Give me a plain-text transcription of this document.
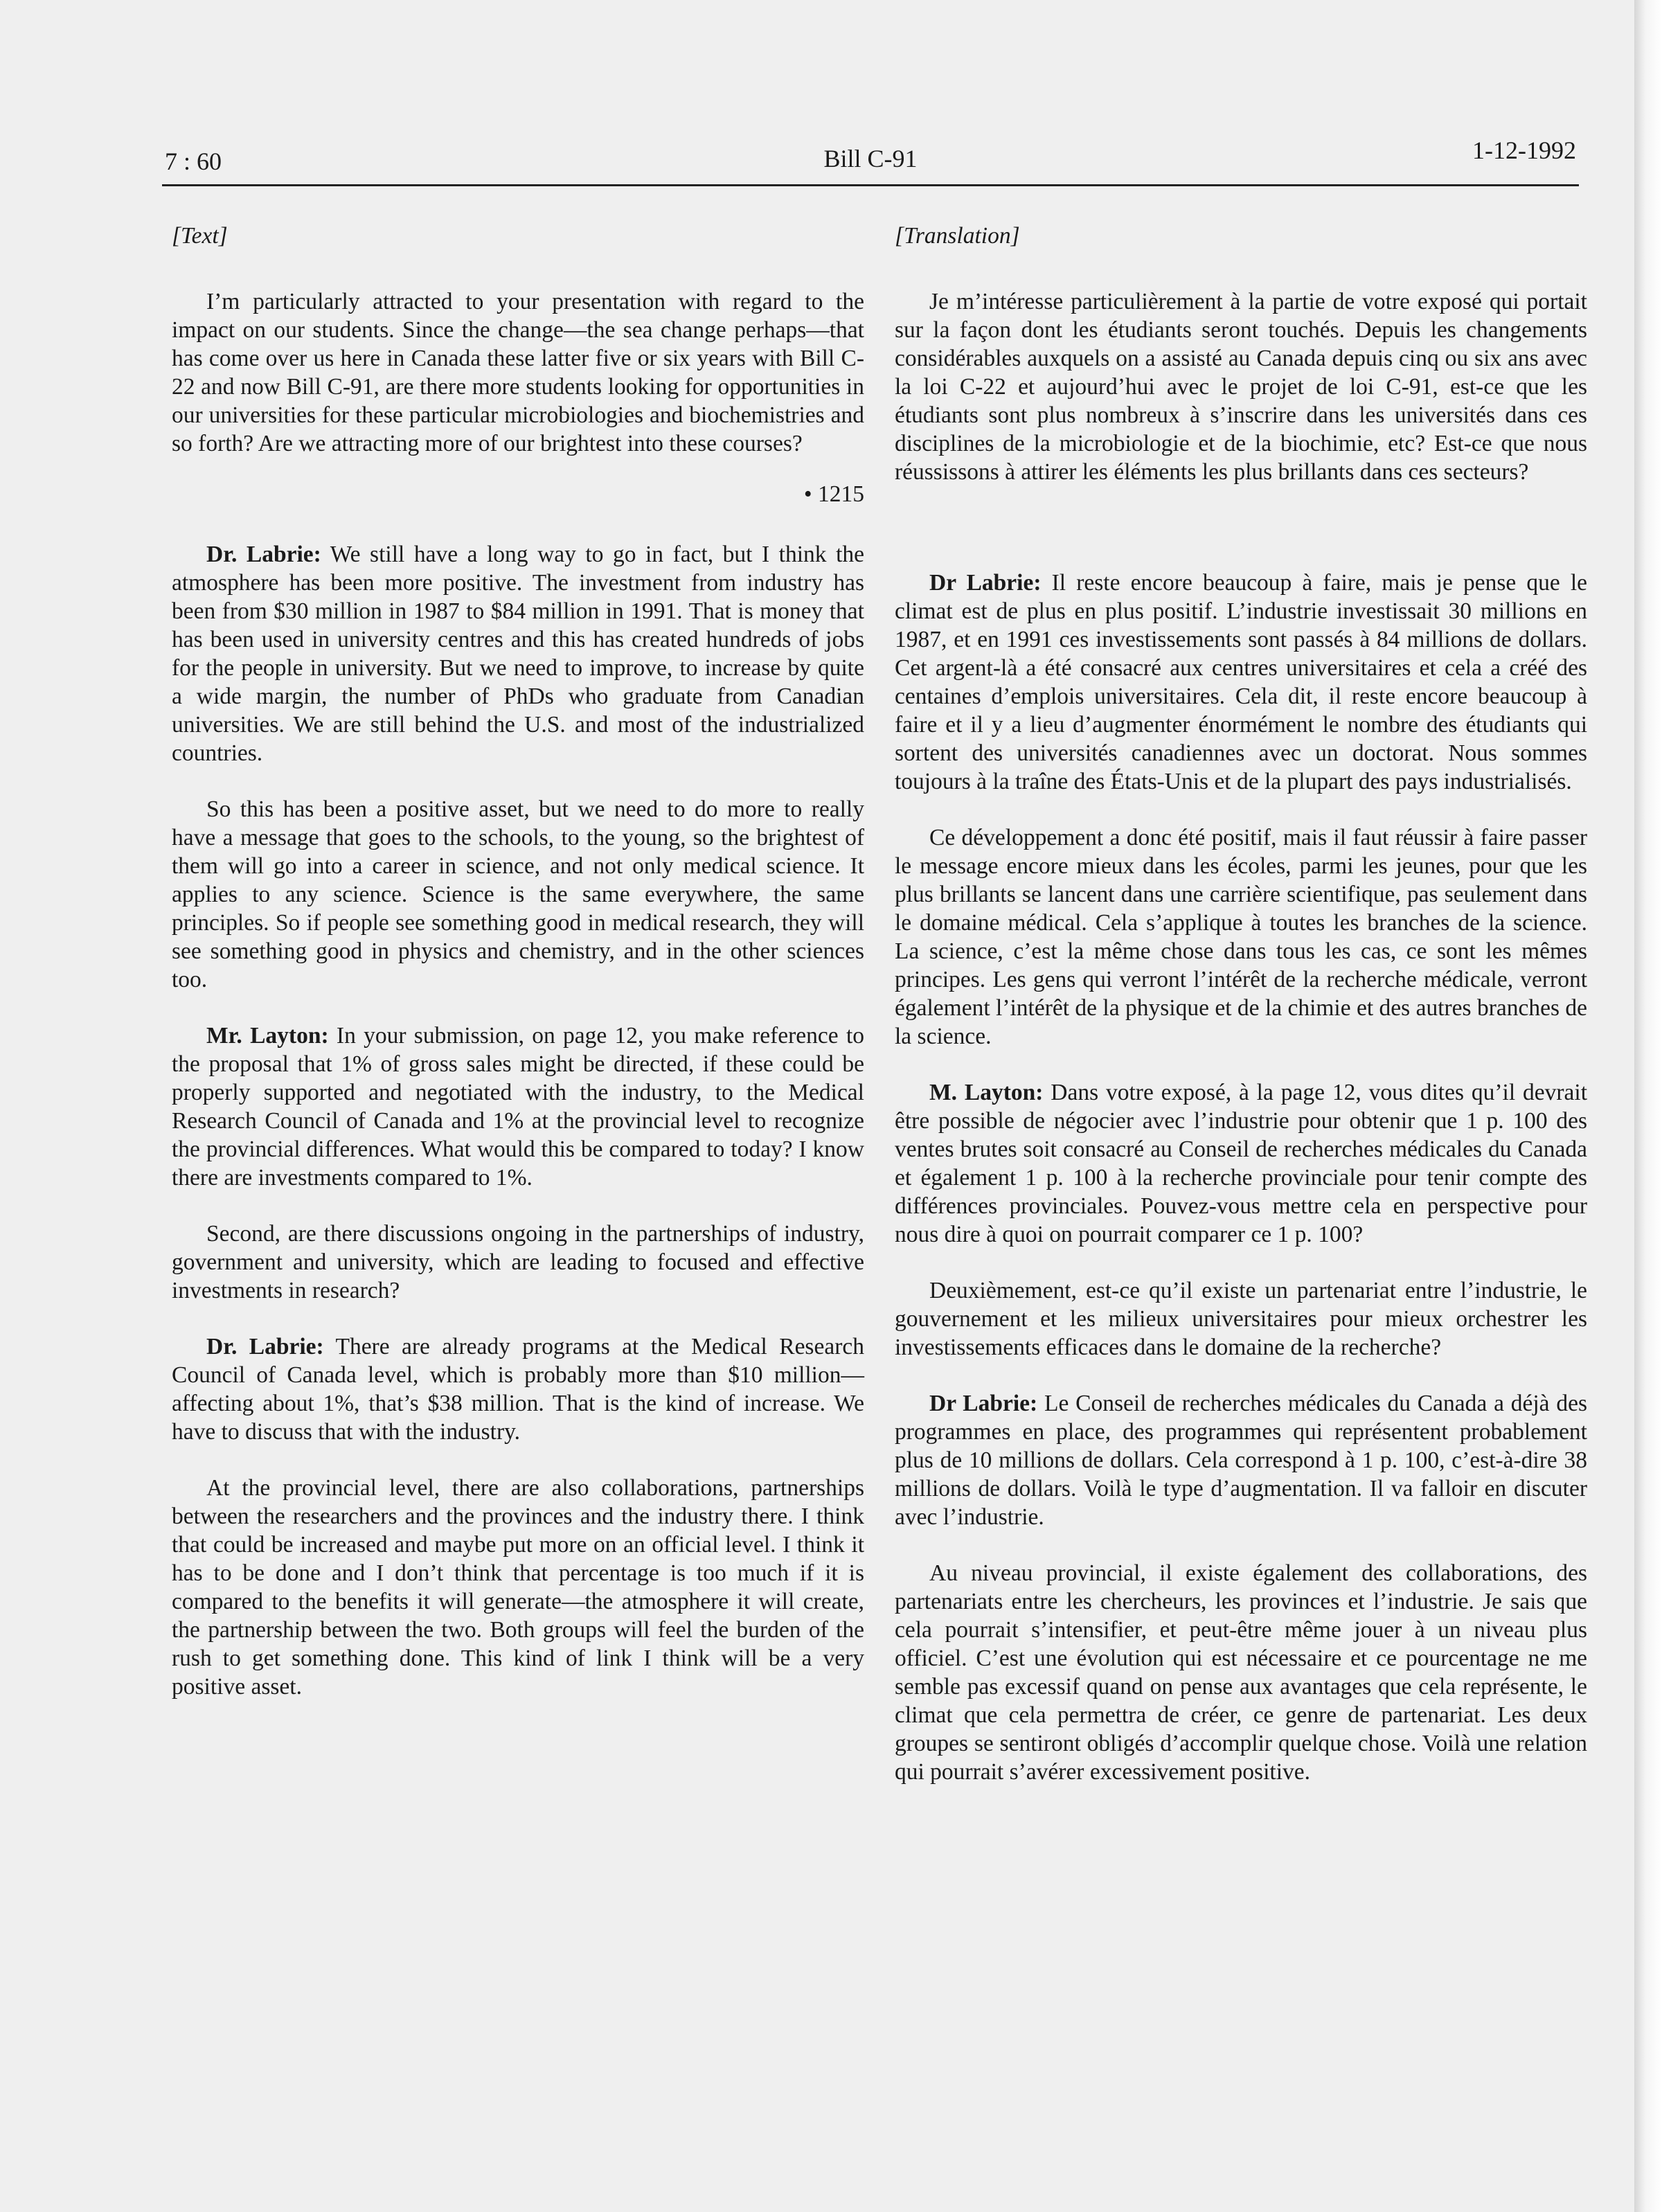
7 : 60	Bill C-91	1-12-1992
[Text]

I’m particularly attracted to your presentation with regard to the impact on our students. Since the change—the sea change perhaps—that has come over us here in Canada these latter five or six years with Bill C-22 and now Bill C-91, are there more students looking for opportunities in our universities for these particular microbiologies and biochemistries and so forth? Are we attracting more of our brightest into these courses?

• 1215

Dr. Labrie: We still have a long way to go in fact, but I think the atmosphere has been more positive. The investment from industry has been from $30 million in 1987 to $84 million in 1991. That is money that has been used in university centres and this has created hundreds of jobs for the people in university. But we need to improve, to increase by quite a wide margin, the number of PhDs who graduate from Canadian universities. We are still behind the U.S. and most of the industrialized countries.

So this has been a positive asset, but we need to do more to really have a message that goes to the schools, to the young, so the brightest of them will go into a career in science, and not only medical science. It applies to any science. Science is the same everywhere, the same principles. So if people see something good in medical research, they will see something good in physics and chemistry, and in the other sciences too.

Mr. Layton: In your submission, on page 12, you make reference to the proposal that 1% of gross sales might be directed, if these could be properly supported and negotiated with the industry, to the Medical Research Council of Canada and 1% at the provincial level to recognize the provincial differences. What would this be compared to today? I know there are investments compared to 1%.

Second, are there discussions ongoing in the partnerships of industry, government and university, which are leading to focused and effective investments in research?

Dr. Labrie: There are already programs at the Medical Research Council of Canada level, which is probably more than $10 million—affecting about 1%, that’s $38 million. That is the kind of increase. We have to discuss that with the industry.

At the provincial level, there are also collaborations, partnerships between the researchers and the provinces and the industry there. I think that could be increased and maybe put more on an official level. I think it has to be done and I don’t think that percentage is too much if it is compared to the benefits it will generate—the atmosphere it will create, the partnership between the two. Both groups will feel the burden of the rush to get something done. This kind of link I think will be a very positive asset.

[Translation]

Je m’intéresse particulièrement à la partie de votre exposé qui portait sur la façon dont les étudiants seront touchés. Depuis les changements considérables auxquels on a assisté au Canada depuis cinq ou six ans avec la loi C-22 et aujourd’hui avec le projet de loi C-91, est-ce que les étudiants sont plus nombreux à s’inscrire dans les universités dans ces disciplines de la microbiologie et de la biochimie, etc? Est-ce que nous réussissons à attirer les éléments les plus brillants dans ces secteurs?

Dr Labrie: Il reste encore beaucoup à faire, mais je pense que le climat est de plus en plus positif. L’industrie investissait 30 millions en 1987, et en 1991 ces investissements sont passés à 84 millions de dollars. Cet argent-là a été consacré aux centres universitaires et cela a créé des centaines d’emplois universitaires. Cela dit, il reste encore beaucoup à faire et il y a lieu d’augmenter énormément le nombre des étudiants qui sortent des universités canadiennes avec un doctorat. Nous sommes toujours à la traîne des États-Unis et de la plupart des pays industrialisés.

Ce développement a donc été positif, mais il faut réussir à faire passer le message encore mieux dans les écoles, parmi les jeunes, pour que les plus brillants se lancent dans une carrière scientifique, pas seulement dans le domaine médical. Cela s’applique à toutes les branches de la science. La science, c’est la même chose dans tous les cas, ce sont les mêmes principes. Les gens qui verront l’intérêt de la recherche médicale, verront également l’intérêt de la physique et de la chimie et des autres branches de la science.

M. Layton: Dans votre exposé, à la page 12, vous dites qu’il devrait être possible de négocier avec l’industrie pour obtenir que 1 p. 100 des ventes brutes soit consacré au Conseil de recherches médicales du Canada et également 1 p. 100 à la recherche provinciale pour tenir compte des différences provinciales. Pouvez-vous mettre cela en perspective pour nous dire à quoi on pourrait comparer ce 1 p. 100?

Deuxièmement, est-ce qu’il existe un partenariat entre l’industrie, le gouvernement et les milieux universitaires pour mieux orchestrer les investissements efficaces dans le domaine de la recherche?

Dr Labrie: Le Conseil de recherches médicales du Canada a déjà des programmes en place, des programmes qui représentent probablement plus de 10 millions de dollars. Cela correspond à 1 p. 100, c’est-à-dire 38 millions de dollars. Voilà le type d’augmentation. Il va falloir en discuter avec l’industrie.

Au niveau provincial, il existe également des collaborations, des partenariats entre les chercheurs, les provinces et l’industrie. Je sais que cela pourrait s’intensifier, et peut-être même jouer à un niveau plus officiel. C’est une évolution qui est nécessaire et ce pourcentage ne me semble pas excessif quand on pense aux avantages que cela représente, le climat que cela permettra de créer, ce genre de partenariat. Les deux groupes se sentiront obligés d’accomplir quelque chose. Voilà une relation qui pourrait s’avérer excessivement positive.
